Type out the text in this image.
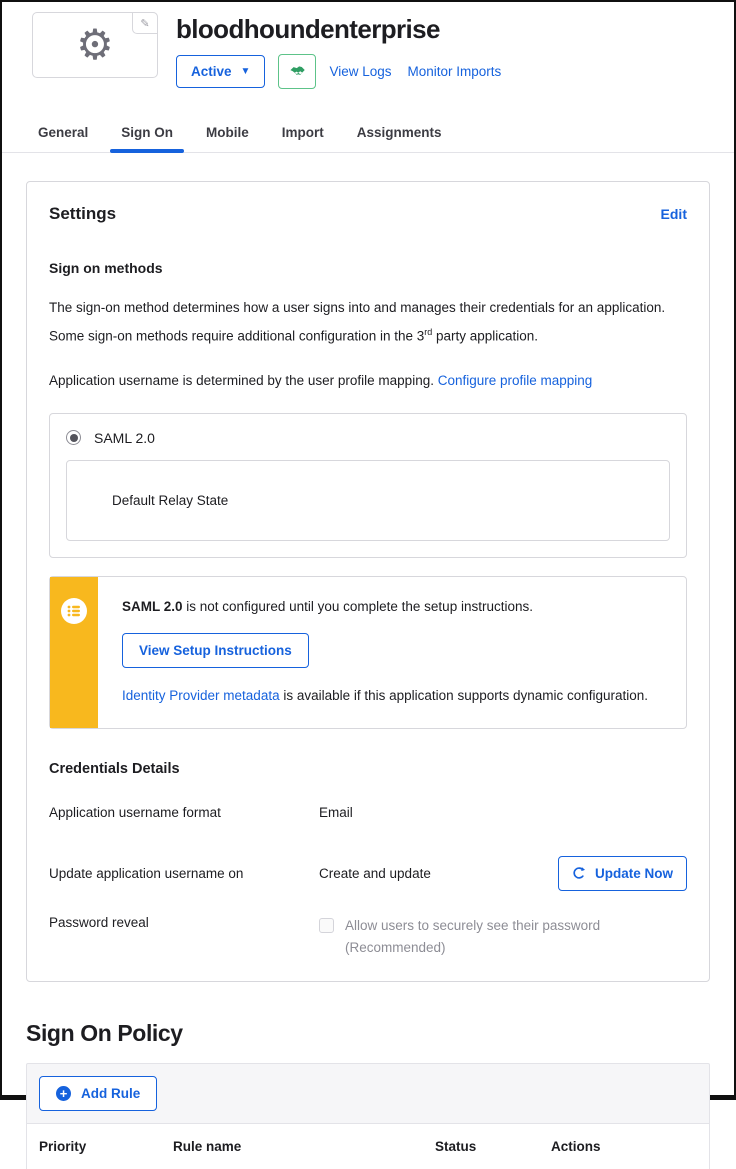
⚙	✎	bloodhoundenterprise
Active ▼	View Logs Monitor Imports
General Sign On Mobile Import Assignments
Settings	Edit
Sign on methods

The sign-on method determines how a user signs into and manages their credentials for an application. Some sign-on methods require additional configuration in the 3rd party application.

Application username is determined by the user profile mapping. Configure profile mapping

SAML 2.0
Default Relay State

SAML 2.0 is not configured until you complete the setup instructions.

View Setup Instructions

Identity Provider metadata is available if this application supports dynamic configuration.

Credentials Details
Application username format	Email
Update application username on	Create and update	Update Now
Password reveal	Allow users to securely see their password (Recommended)
Sign On Policy
+ Add Rule
Priority	Rule name	Status	Actions
